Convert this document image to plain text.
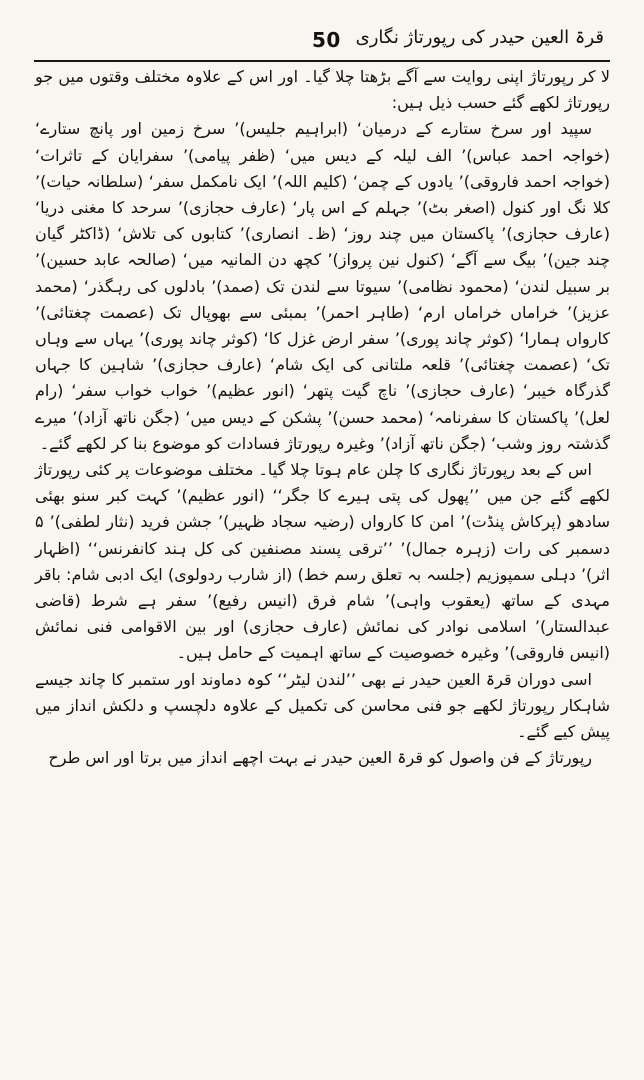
50 قرۃ العین حیدر کی رپورتاژ نگاری

لا کر رپورتاژ اپنی روایت سے آگے بڑھتا چلا گیا۔ اور اس کے علاوہ مختلف وقتوں میں جو رپورتاژ لکھے گئے حسب ذیل ہیں:

سپید اور سرخ ستارے کے درمیان‘ (ابراہیم جلیس)’ سرخ زمین اور پانچ ستارے‘ (خواجہ احمد عباس)’ الف لیلہ کے دیس میں‘ (ظفر پیامی)’ سفرایان کے تاثرات‘ (خواجہ احمد فاروقی)’ یادوں کے چمن‘ (کلیم اللہ)’ ایک نامکمل سفر‘ (سلطانہ حیات)’ کلا نگ اور کنول (اصغر بٹ)’ جہلم کے اس پار‘ (عارف حجازی)’ سرحد کا مغنی دریا‘ (عارف حجازی)’ پاکستان میں چند روز‘ (ظ۔ انصاری)’ کتابوں کی تلاش‘ (ڈاکٹر گیان چند جین)’ بیگ سے آگے‘ (کنول نین پرواز)’ کچھ دن المانیہ میں‘ (صالحہ عابد حسین)’ بر سبیل لندن‘ (محمود نظامی)’ سیوتا سے لندن تک (صمد)’ بادلوں کی رہگذر‘ (محمد عزیز)’ خراماں خراماں ارم‘ (طاہر احمر)’ بمبئی سے بھوپال تک (عصمت چغتائی)’ کارواں ہمارا‘ (کوثر چاند پوری)’ سفر ارض غزل کا‘ (کوثر چاند پوری)’ یہاں سے وہاں تک‘ (عصمت چغتائی)’ قلعہ ملتانی کی ایک شام‘ (عارف حجازی)’ شاہین کا جہاں گذرگاہ خیبر‘ (عارف حجازی)’ ناچ گیت پتھر‘ (انور عظیم)’ خواب خواب سفر‘ (رام لعل)’ پاکستان کا سفرنامہ‘ (محمد حسن)’ پشکن کے دیس میں‘ (جگن ناتھ آزاد)’ میرے گذشتہ روز وشب‘ (جگن ناتھ آزاد)’ وغیرہ رپورتاژ فسادات کو موضوع بنا کر لکھے گئے۔

اس کے بعد رپورتاژ نگاری کا چلن عام ہوتا چلا گیا۔ مختلف موضوعات پر کئی رپورتاژ لکھے گئے جن میں ’’پھول کی پتی ہیرے کا جگر‘‘ (انور عظیم)’ کہت کبر سنو بھئی سادھو (پرکاش پنڈت)’ امن کا کارواں (رضیہ سجاد ظہیر)’ جشن فرید (نثار لطفی)’ ۵ دسمبر کی رات (زہرہ جمال)’ ’’ترقی پسند مصنفین کی کل ہند کانفرنس‘‘ (اظہار اثر)’ دہلی سمپوزیم (جلسہ بہ تعلق رسم خط) (از شارب ردولوی) ایک ادبی شام: باقر مہدی کے ساتھ (یعقوب واہی)’ شام فرق (انیس رفیع)’ سفر ہے شرط (قاضی عبدالستار)’ اسلامی نوادر کی نمائش (عارف حجازی) اور بین الاقوامی فنی نمائش (انیس فاروقی)’ وغیرہ خصوصیت کے ساتھ اہمیت کے حامل ہیں۔

اسی دوران قرۃ العین حیدر نے بھی ’’لندن لیٹر‘‘ کوہ دماوند اور ستمبر کا چاند جیسے شاہکار رپورتاژ لکھے جو فنی محاسن کی تکمیل کے علاوہ دلچسپ و دلکش انداز میں پیش کیے گئے۔

رپورتاژ کے فن واصول کو قرۃ العین حیدر نے بہت اچھے انداز میں برتا اور اس طرح
